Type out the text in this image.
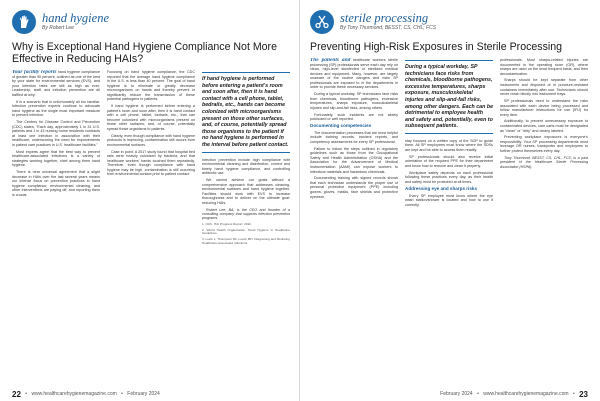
hand hygiene
By Robert Lee
Why is Exceptional Hand Hygiene Compliance Not More Effective in Reducing HAIs?

Your facility reports hand hygiene compliance of greater than 90 percent, outlined as one of the best by your state for environmental services (EVS), and your infection rates are still as high as ever. Leadership, staff, and infection prevention are all baffled at why.

It is a scenario that is unfortunately all too familiar. Infection prevention experts continue to advocate hand hygiene as the single most important measure to prevent infection.

The Centers for Disease Control and Prevention (CDC) states, "Each day, approximately 1 in 31 U.S. patients and 1 in 43 nursing home residents contracts at least one infection in association with their healthcare, underscoring the need for improvements in patient care practices in U.S. healthcare facilities."

Most experts agree that the best way to prevent healthcare-associated infections is a variety of strategies working together, chief among them hand hygiene.

There is near universal agreement that a slight decrease in HAIs over the last several years means our intense focus on prevention practices in hand hygiene compliance, environmental cleaning, and other interventions are paying off, and reporting them is crucial.

Focusing on hand hygiene compliance, the CDC reported that the average hand hygiene compliance in the U.S. is less than 40 percent. The goal of hand hygiene is to eliminate or greatly decrease microorganisms on hands and thereby prevent or significantly reduce the transmission of these potential pathogens to patients.

If hand hygiene is performed before entering a patient's room and soon after, then it is hand contact with a cell phone, tablet, bedrails, etc., that can become colonized with microorganisms present on those other surfaces, and, of course, potentially spread those organisms to patients.

Clearly, even though compliance with hand hygiene protocols is improving, contamination still occurs from environmental surfaces.

Case in point: A 2017 study found that hospital bed rails were heavily colonized by bacteria, and that healthcare workers' hands touched them repeatedly. Therefore, even though compliance with hand hygiene may be high, contamination is still occurring from environmental contact prior to patient contact.

If hand hygiene is performed before entering a patient's room and soon after, then it is hand contact with a cell phone, tablet, bedrails, etc., hands can become colonized with microorganisms present on those other surfaces, and, of course, potentially spread those organisms to the patient if no hand hygiene is performed in the interval before patient contact.

Infection prevention include high compliance with environmental cleaning and disinfection, correct and timely hand hygiene compliance, and controlling antibiotic use.

We cannot achieve our goals without a comprehensive approach that addresses cleaning, environmental surfaces and hand hygiene together. Facilities should work with EVS to increase thoroughness and to deliver on the ultimate goal: reducing HAIs.

Robert Lee, BA, is the CEO and founder of a consulting company that supports infection prevention programs.

1. CDC. HAI Progress Report. 2022.

2. World Health Organization. Hand Hygiene in Healthcare Guidelines.

3. Luick L, Thompson PA, Loock MH. Diagnosing and Reducing Healthcare-Associated Infections.

22 • www.healthcarehygienemagazine.com • February 2024
sterile processing
By Tony Thurmond, BESST, CS, CHL, FCS
Preventing High-Risk Exposures in Sterile Processing

The patients and healthcare workers sterile processing (SP) professionals serve each day rely on clean, high-level disinfected or sterilized medical devices and equipment. Many, however, are largely unaware of the routine dangers and risks SP professionals are exposed to in the departments in order to provide these necessary services.

During a typical workday, SP technicians face risks from chemicals, bloodborne pathogens, excessive temperatures, sharps exposure, musculoskeletal injuries and slip-and-fall risks, among others.

Fortunately, such incidents are not widely publicized or well reported.

Documenting competencies

The documentation processes that are most helpful include training records, incident reports, and competency assessments for every SP professional.

Failure to follow the steps outlined in regulatory guidelines such as those from the Occupational Safety and Health Administration (OSHA) and the Association for the Advancement of Medical Instrumentation (AAMI) can expose workers to infectious materials and hazardous chemicals.

Documenting training with signed records shows that each technician understands the proper use of personal protective equipment (PPE) including gowns, gloves, masks, face shields and protective eyewear.

During a typical workday, SP technicians face risks from chemicals, bloodborne pathogens, excessive temperatures, sharps exposure, musculoskeletal injuries and slip-and-fall risks, among other dangers. Each can be detrimental to employee health and safety and, potentially, even to subsequent patients.

stay focused on a written copy of the SOP to guide them. All SP employees must know where the SDSs are kept and be able to access them readily.

SP professionals should also receive initial orientation of the required PPE for their department and know how to remove and clean it properly.

Workplace safety depends on each professional following these practices every day, as their health and safety must be protected at all times.

Addressing eye and sharps risks

Every SP employee must know where the eye wash station/shower is located and how to use it correctly.

professionals. Most sharps-related injuries are documented in the operating room (OR), where sharps are used on the most frequent basis, and then decontamination.

Sharps should be kept separate from other instruments and disposed of in puncture-resistant containers immediately after use. Technicians should never reach blindly into instrument trays.

SP professionals need to understand the risks associated with each device being processed and follow manufacturer instructions for use (IFU) for every item.

Additionally, to prevent unnecessary exposure to contaminated devices, care carts must be designated as "clean" or "dirty" and clearly labeled.

Preventing workplace exposures is everyone's responsibility. Your SP processing departments must leverage OR nurses, transporter and employees to further protect themselves every day.

Tony Thurmond, BESST, CS, CHL, FCS, is a past president of the Healthcare Sterile Processing Association (HSPA).

February 2024 • www.healthcarehygienemagazine.com • 23
